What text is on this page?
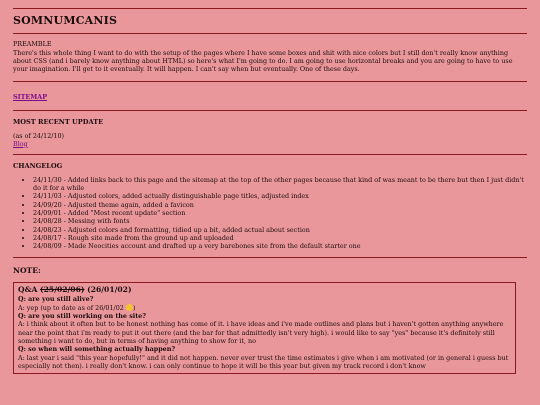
SOMNUMCANIS
PREAMBLE

There's this whole thing I want to do with the setup of the pages where I have some boxes and shit with nice colors but I still don't really know anything about CSS (and i barely know anything about HTML) so here's what I'm going to do. I am going to use horizontal breaks and you are going to have to use your imagination. I'll get to it eventually. It will happen. I can't say when but eventually. One of these days.

SITEMAP
MOST RECENT UPDATE
(as of 24/12/10)
Blog
CHANGELOG
• 24/11/30 - Added links back to this page and the sitemap at the top of the other pages because that kind of was meant to be there but then I just didn't do it for a while
• 24/11/03 - Adjusted colors, added actually distinguishable page titles, adjusted index
• 24/09/20 - Adjusted theme again, added a favicon
• 24/09/01 - Added "Most recent update" section
• 24/08/28 - Messing with fonts
• 24/08/23 - Adjusted colors and formatting, tidied up a bit, added actual about section
• 24/08/17 - Rough site made from the ground up and uploaded
• 24/08/09 - Made Neocities account and drafted up a very barebones site from the default starter one
NOTE:
Q&A (25/02/06) (26/01/02)
Q: are you still alive?
A: yep (up to date as of 26/01/02 )
Q: are you still working on the site?
A: i think about it often but to be honest nothing has come of it. i have ideas and i've made outlines and plans but i haven't gotten anything anywhere near the point that i'm ready to put it out there (and the bar for that admittedly isn't very high). i would like to say "yes" because it's definitely still something i want to do, but in terms of having anything to show for it, no
Q: so when will something actually happen?
A: last year i said "this year hopefully!" and it did not happen. never ever trust the time estimates i give when i am motivated (or in general i guess but especially not then). i really don't know. i can only continue to hope it will be this year but given my track record i don't know
